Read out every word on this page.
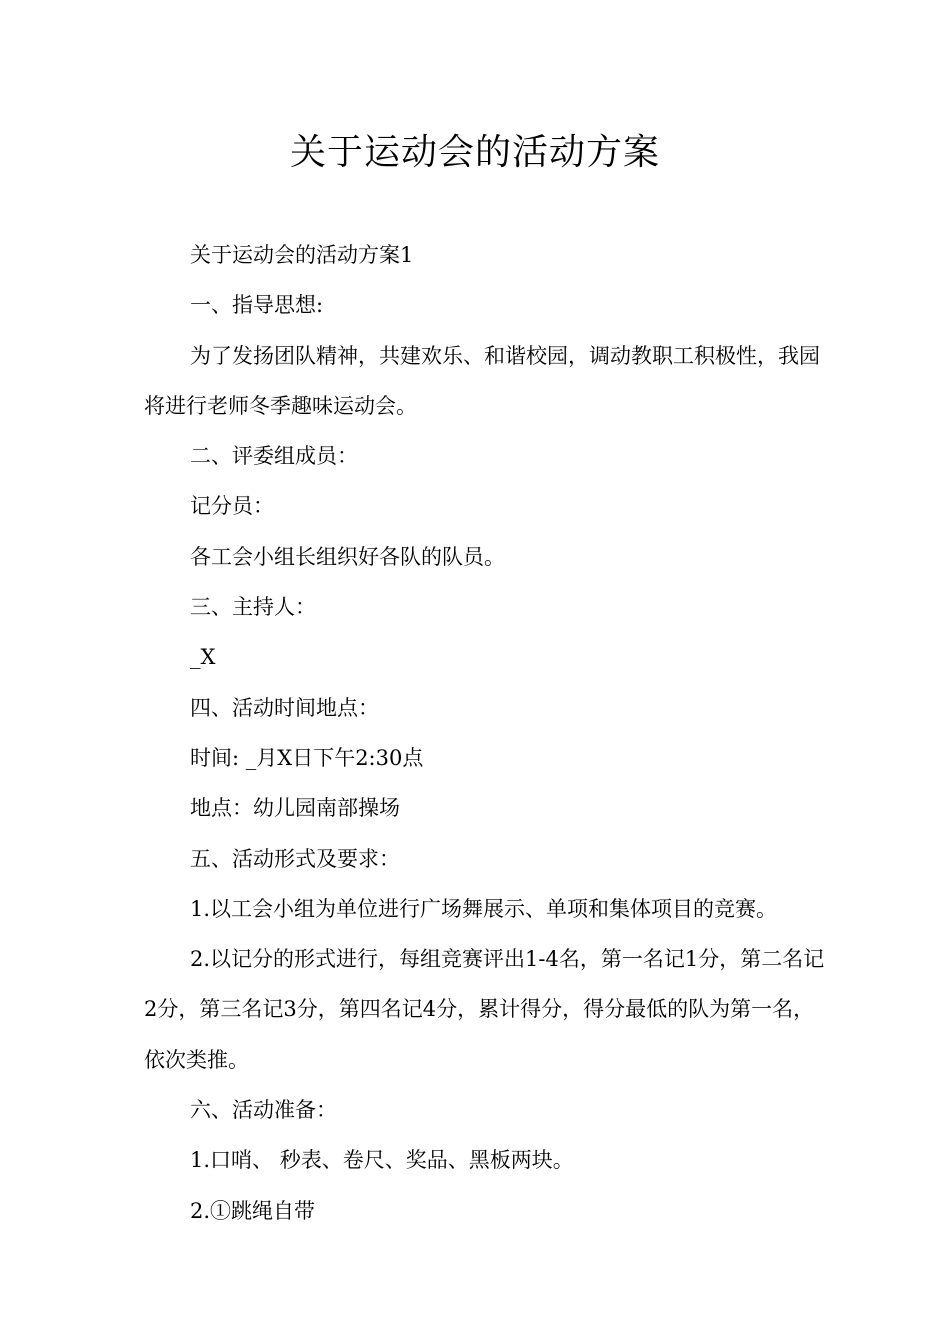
关于运动会的活动方案

关于运动会的活动方案1

一、指导思想:

为了发扬团队精神，共建欢乐、和谐校园，调动教职工积极性，我园将进行老师冬季趣味运动会。

二、评委组成员：

记分员：

各工会小组长组织好各队的队员。

三、主持人：

_X

四、活动时间地点：

时间: _月X日下午2:30点

地点：幼儿园南部操场

五、活动形式及要求：

1.以工会小组为单位进行广场舞展示、单项和集体项目的竞赛。

2.以记分的形式进行，每组竞赛评出1-4名，第一名记1分，第二名记2分，第三名记3分，第四名记4分，累计得分，得分最低的队为第一名，依次类推。

六、活动准备：

1.口哨、 秒表、卷尺、奖品、黑板两块。

2.①跳绳自带
